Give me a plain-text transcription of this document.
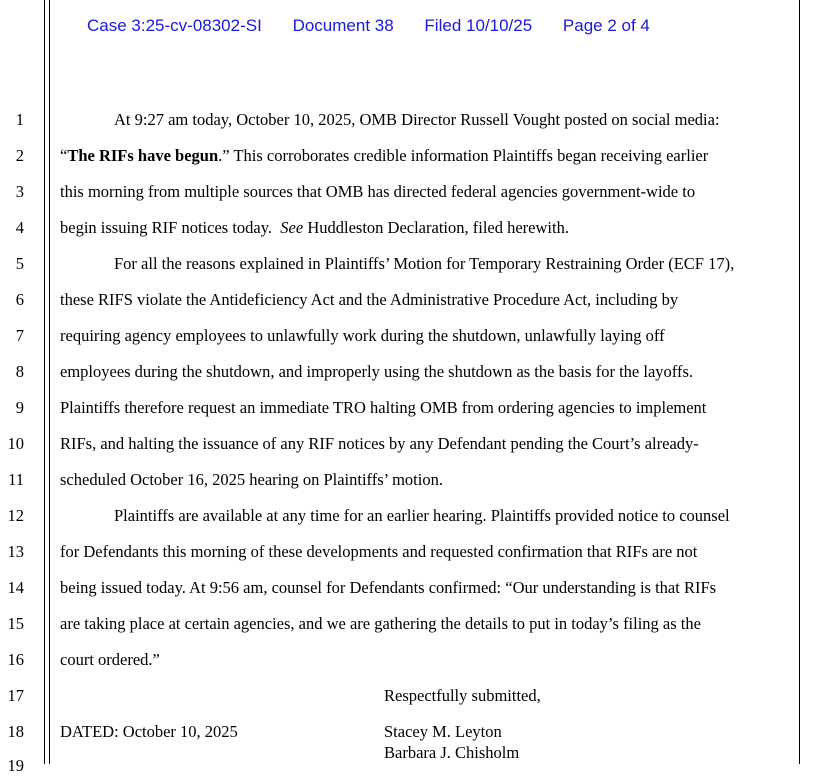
Case 3:25-cv-08302-SI Document 38 Filed 10/10/25 Page 2 of 4
1
2
3
4
5
6
7
8
9
10
11
12
13
14
15
16
17
18
19
At 9:27 am today, October 10, 2025, OMB Director Russell Vought posted on social media:
“The RIFs have begun.” This corroborates credible information Plaintiffs began receiving earlier
this morning from multiple sources that OMB has directed federal agencies government-wide to
begin issuing RIF notices today.  See Huddleston Declaration, filed herewith.
For all the reasons explained in Plaintiffs’ Motion for Temporary Restraining Order (ECF 17),
these RIFS violate the Antideficiency Act and the Administrative Procedure Act, including by
requiring agency employees to unlawfully work during the shutdown, unlawfully laying off
employees during the shutdown, and improperly using the shutdown as the basis for the layoffs.
Plaintiffs therefore request an immediate TRO halting OMB from ordering agencies to implement
RIFs, and halting the issuance of any RIF notices by any Defendant pending the Court’s already-
scheduled October 16, 2025 hearing on Plaintiffs’ motion.
Plaintiffs are available at any time for an earlier hearing. Plaintiffs provided notice to counsel
for Defendants this morning of these developments and requested confirmation that RIFs are not
being issued today. At 9:56 am, counsel for Defendants confirmed: “Our understanding is that RIFs
are taking place at certain agencies, and we are gathering the details to put in today’s filing as the
court ordered.”
Respectfully submitted,
DATED: October 10, 2025	Stacey M. Leyton
Barbara J. Chisholm
